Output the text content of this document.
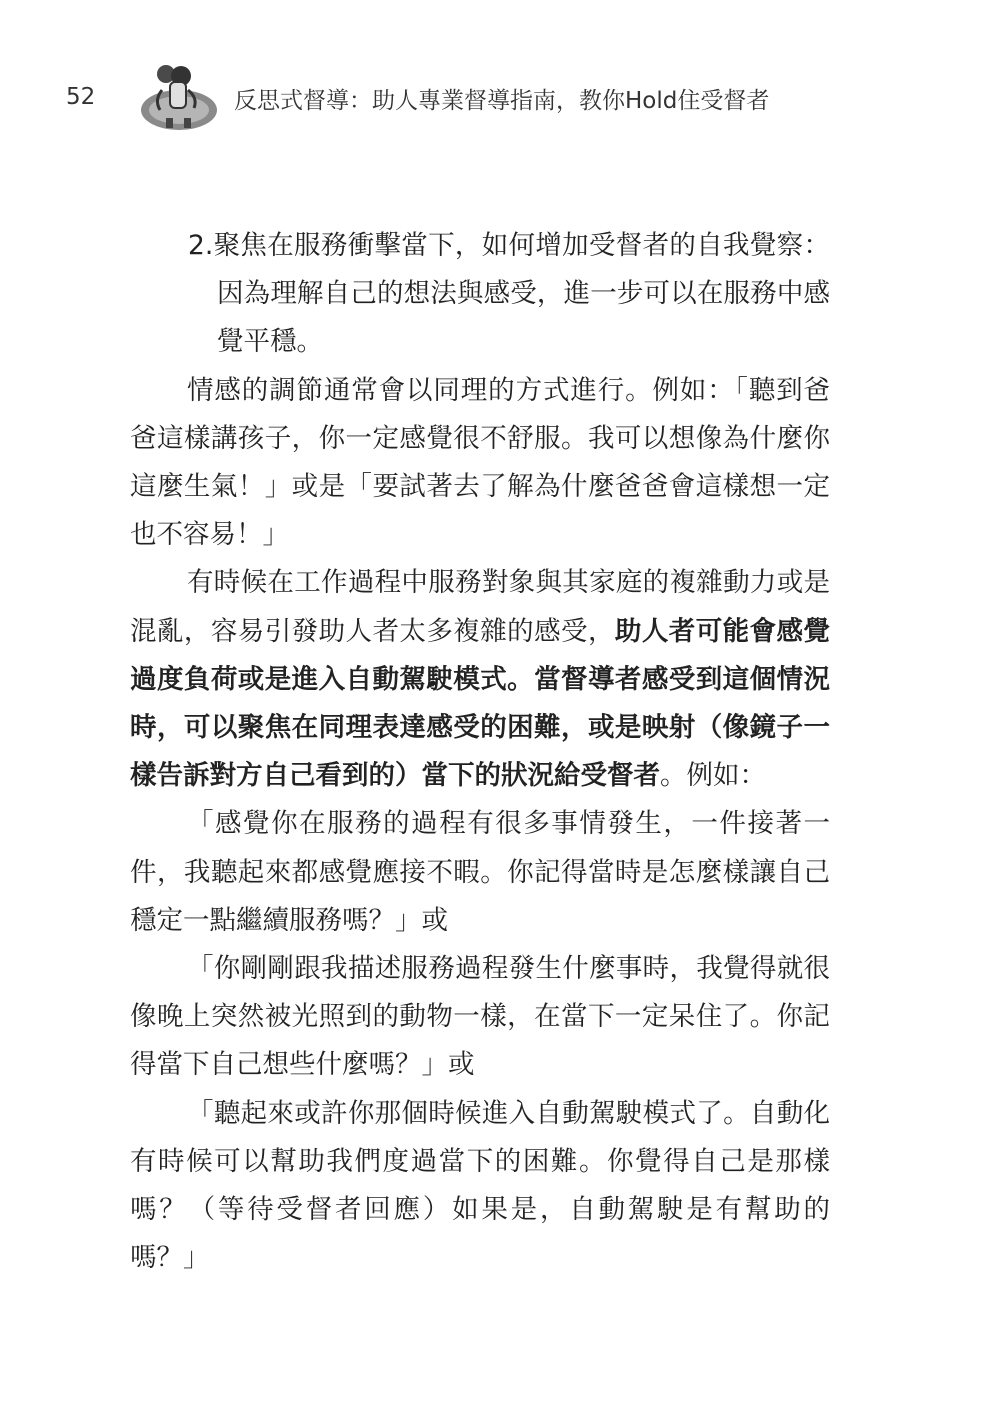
52	反思式督導：助人專業督導指南，教你Hold住受督者

2.聚焦在服務衝擊當下，如何增加受督者的自我覺察：因為理解自己的想法與感受，進一步可以在服務中感覺平穩。

情感的調節通常會以同理的方式進行。例如：「聽到爸爸這樣講孩子，你一定感覺很不舒服。我可以想像為什麼你這麼生氣！」或是「要試著去了解為什麼爸爸會這樣想一定也不容易！」

有時候在工作過程中服務對象與其家庭的複雜動力或是混亂，容易引發助人者太多複雜的感受，助人者可能會感覺過度負荷或是進入自動駕駛模式。當督導者感受到這個情況時，可以聚焦在同理表達感受的困難，或是映射（像鏡子一樣告訴對方自己看到的）當下的狀況給受督者。例如：

「感覺你在服務的過程有很多事情發生，一件接著一件，我聽起來都感覺應接不暇。你記得當時是怎麼樣讓自己穩定一點繼續服務嗎？」或

「你剛剛跟我描述服務過程發生什麼事時，我覺得就很像晚上突然被光照到的動物一樣，在當下一定呆住了。你記得當下自己想些什麼嗎？」或

「聽起來或許你那個時候進入自動駕駛模式了。自動化有時候可以幫助我們度過當下的困難。你覺得自己是那樣嗎？（等待受督者回應）如果是，自動駕駛是有幫助的嗎？」
